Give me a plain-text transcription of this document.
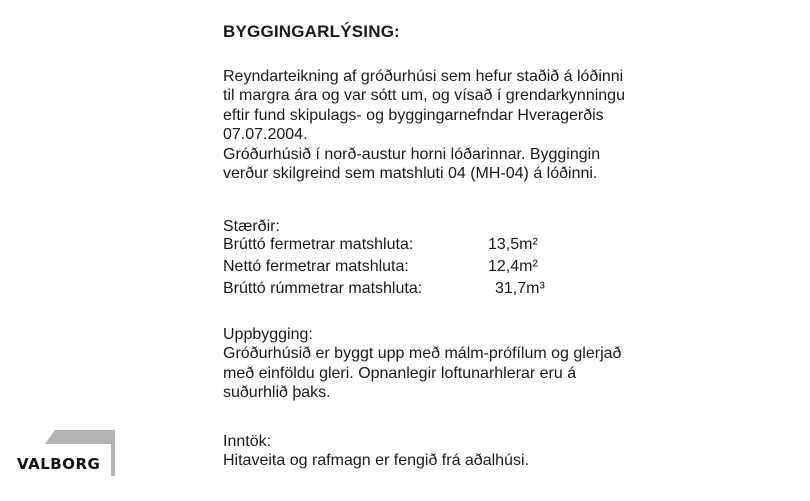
BYGGINGARLÝSING:
Reyndarteikning af gróðurhúsi sem hefur staðið á lóðinni
til margra ára og var sótt um, og vísað í grendarkynningu
eftir fund skipulags- og byggingarnefndar Hveragerðis
07.07.2004.
Gróðurhúsið í norð-austur horni lóðarinnar. Byggingin
verður skilgreind sem matshluti 04 (MH-04) á lóðinni.
Stærðir:
Brúttó fermetrar matshluta:	13,5m²
Nettó fermetrar matshluta:	12,4m²
Brúttó rúmmetrar matshluta:	31,7m³
Uppbygging:
Gróðurhúsið er byggt upp með málm-prófílum og glerjað
með einföldu gleri. Opnanlegir loftunarhlerar eru á
suðurhlið þaks.
Inntök:
Hitaveita og rafmagn er fengið frá aðalhúsi.
VALBORG
